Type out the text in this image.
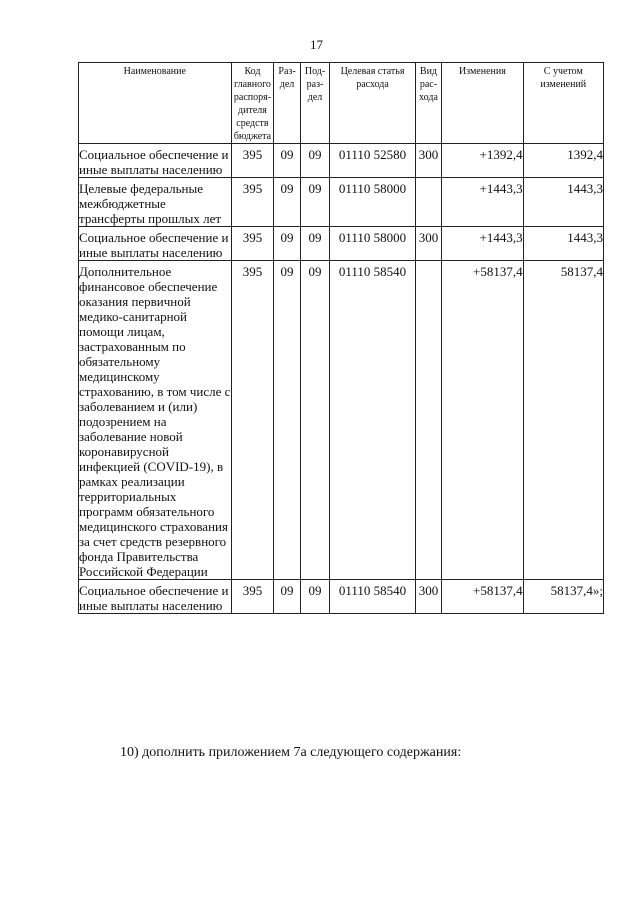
17
Наименование	Код главного распоря-дителя средств бюджета	Раз-дел	Под-раз-дел	Целевая статья расхода	Вид рас-хода	Изменения	С учетом изменений
Социальное обеспечение и иные выплаты населению	395	09	09	01110 52580	300	+1392,4	1392,4
Целевые федеральные межбюджетные трансферты прошлых лет	395	09	09	01110 58000		+1443,3	1443,3
Социальное обеспечение и иные выплаты населению	395	09	09	01110 58000	300	+1443,3	1443,3
Дополнительное финансовое обеспечение оказания первичной медико-санитарной помощи лицам, застрахованным по обязательному медицинскому страхованию, в том числе с заболеванием и (или) подозрением на заболевание новой коронавирусной инфекцией (COVID-19), в рамках реализации территориальных программ обязательного медицинского страхования за счет средств резервного фонда Правительства Российской Федерации	395	09	09	01110 58540		+58137,4	58137,4
Социальное обеспечение и иные выплаты населению	395	09	09	01110 58540	300	+58137,4	58137,4»;
10) дополнить приложением 7а следующего содержания:
